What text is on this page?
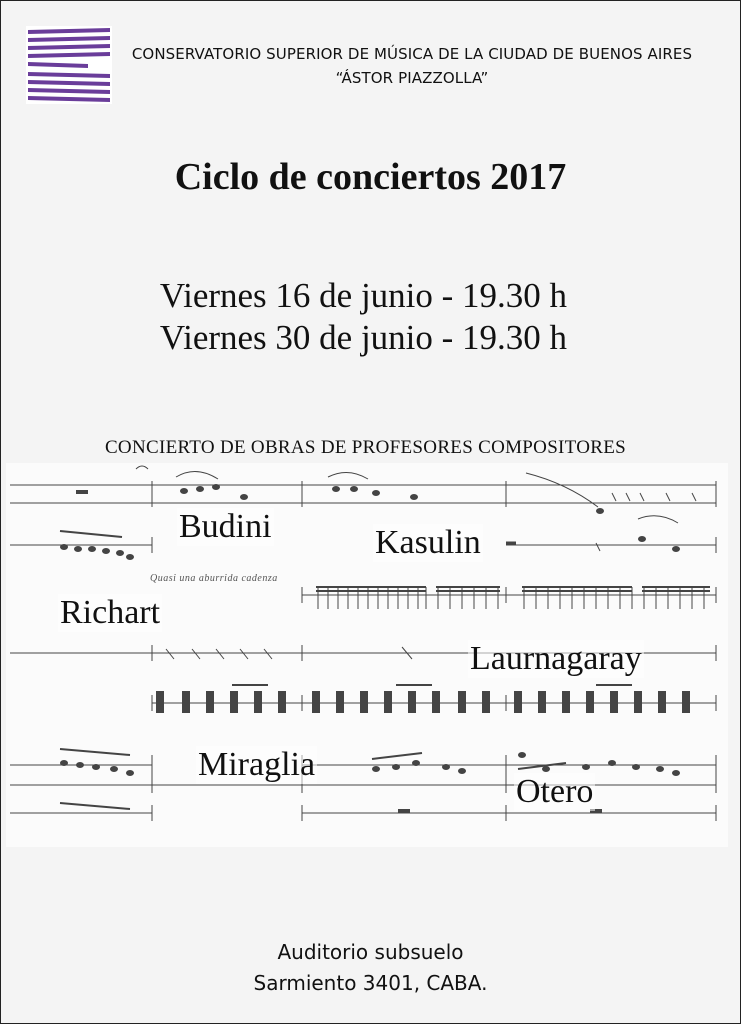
CONSERVATORIO SUPERIOR DE MÚSICA DE LA CIUDAD DE BUENOS AIRES
“ÁSTOR PIAZZOLLA”
Ciclo de conciertos 2017
Viernes 16 de junio - 19.30 h
Viernes 30 de junio - 19.30 h
CONCIERTO DE OBRAS DE PROFESORES COMPOSITORES
Quasi una aburrida cadenza
Budini	Kasulin
Richart
Laurnagaray
Miraglia
Otero
Auditorio subsuelo
Sarmiento 3401, CABA.
